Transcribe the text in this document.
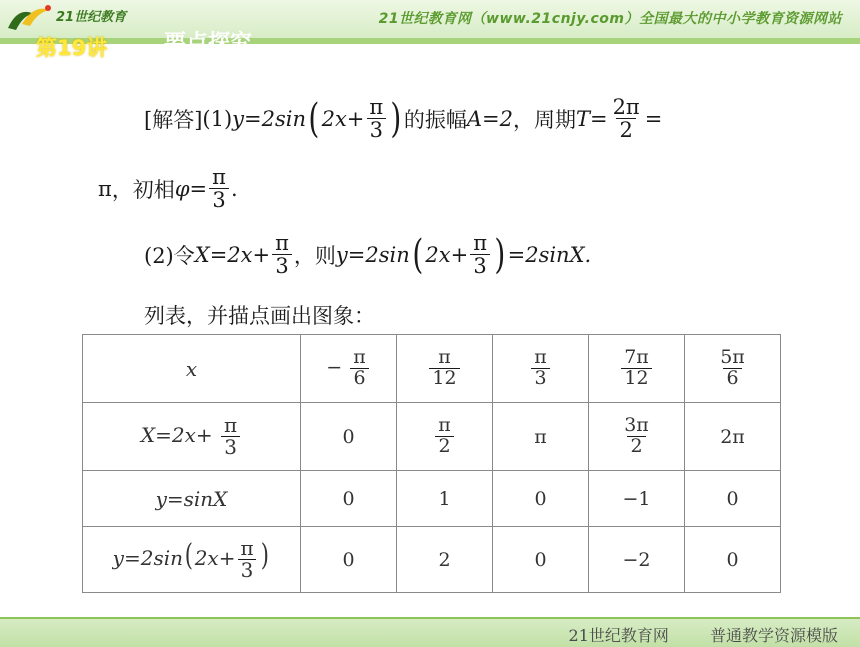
21世纪教育	21世纪教育网（www.21cnjy.com）全国最大的中小学教育资源网站
第19讲
[解答] (1) y=2sin ( $2x+ \frac{\pi}{3}$ ) 的振幅 A=2 ，周期 $T= \frac{2\pi}{2}$ =
π ，初相 $\varphi= \frac{\pi}{3}$ .
(2)令 $X=2x+ \frac{\pi}{3}$ ，则 y=2sin ( $2x+ \frac{\pi}{3}$ ) =2sinX.
列表，并描点画出图象：
x	− $\frac{\pi}{6}$	$\frac{\pi}{12}$	$\frac{\pi}{3}$	$\frac{7\pi}{12}$	$\frac{5\pi}{6}$

$X=2x+ \frac{\pi}{3}$	0	$\frac{\pi}{2}$	π	$\frac{3\pi}{2}$	2π
y=sinX	0	1	0	−1	0
$y=2\sin(2x+ \frac{\pi}{3}$ )	0	2	0	−2	0
21世纪教育网	普通教学资源模版
